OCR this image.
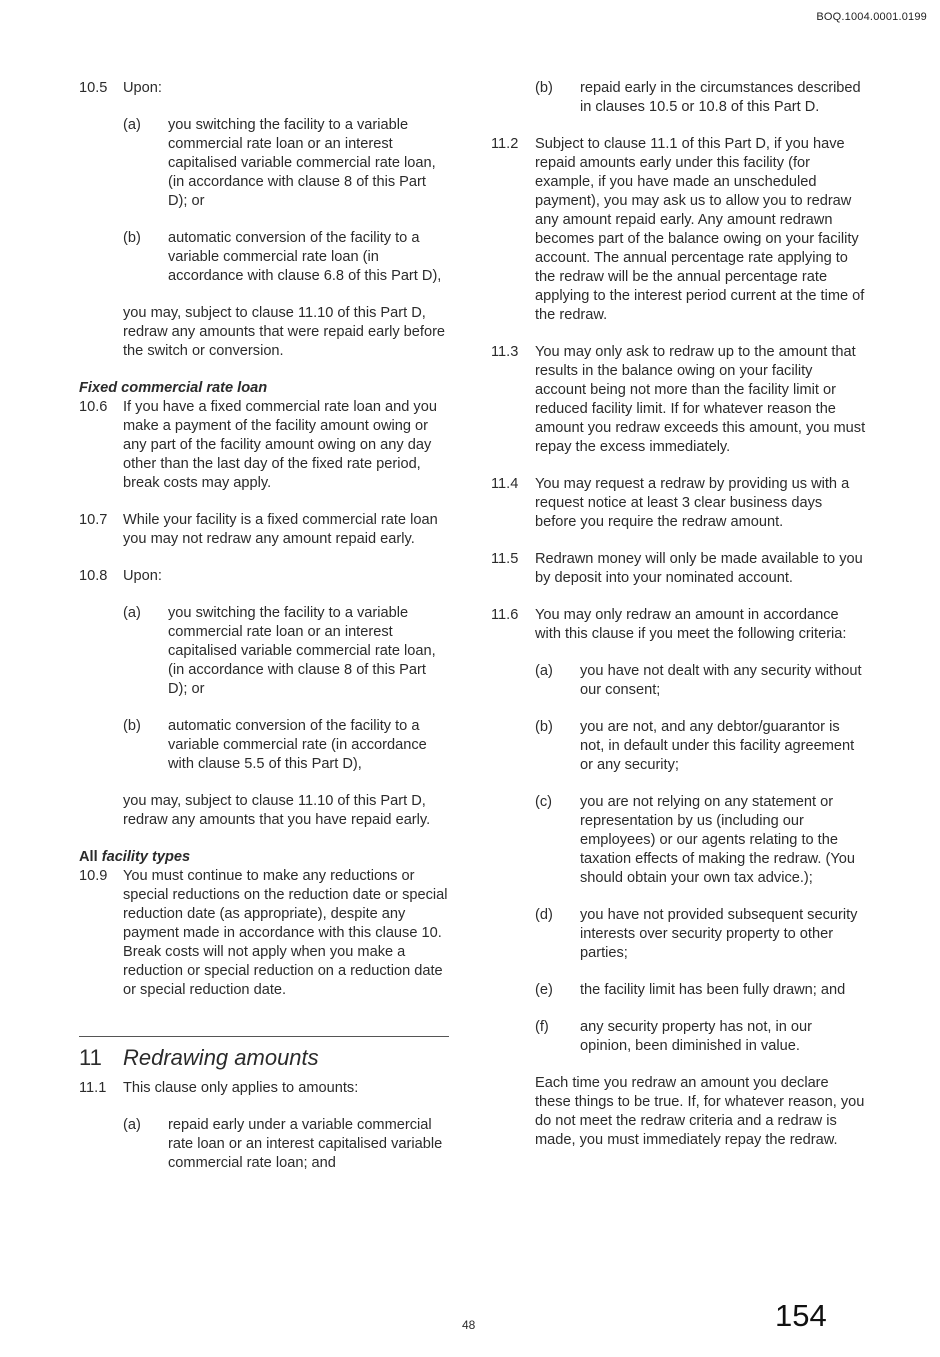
BOQ.1004.0001.0199
10.5 Upon:
(a) you switching the facility to a variable commercial rate loan or an interest capitalised variable commercial rate loan, (in accordance with clause 8 of this Part D); or
(b) automatic conversion of the facility to a variable commercial rate loan (in accordance with clause 6.8 of this Part D),
you may, subject to clause 11.10 of this Part D, redraw any amounts that were repaid early before the switch or conversion.
Fixed commercial rate loan
10.6 If you have a fixed commercial rate loan and you make a payment of the facility amount owing or any part of the facility amount owing on any day other than the last day of the fixed rate period, break costs may apply.
10.7 While your facility is a fixed commercial rate loan you may not redraw any amount repaid early.
10.8 Upon:
(a) you switching the facility to a variable commercial rate loan or an interest capitalised variable commercial rate loan, (in accordance with clause 8 of this Part D); or
(b) automatic conversion of the facility to a variable commercial rate (in accordance with clause 5.5 of this Part D),
you may, subject to clause 11.10 of this Part D, redraw any amounts that you have repaid early.
All facility types
10.9 You must continue to make any reductions or special reductions on the reduction date or special reduction date (as appropriate), despite any payment made in accordance with this clause 10. Break costs will not apply when you make a reduction or special reduction on a reduction date or special reduction date.
11 Redrawing amounts
11.1 This clause only applies to amounts:
(a) repaid early under a variable commercial rate loan or an interest capitalised variable commercial rate loan; and
(b) repaid early in the circumstances described in clauses 10.5 or 10.8 of this Part D.
11.2 Subject to clause 11.1 of this Part D, if you have repaid amounts early under this facility (for example, if you have made an unscheduled payment), you may ask us to allow you to redraw any amount repaid early. Any amount redrawn becomes part of the balance owing on your facility account. The annual percentage rate applying to the redraw will be the annual percentage rate applying to the interest period current at the time of the redraw.
11.3 You may only ask to redraw up to the amount that results in the balance owing on your facility account being not more than the facility limit or reduced facility limit. If for whatever reason the amount you redraw exceeds this amount, you must repay the excess immediately.
11.4 You may request a redraw by providing us with a request notice at least 3 clear business days before you require the redraw amount.
11.5 Redrawn money will only be made available to you by deposit into your nominated account.
11.6 You may only redraw an amount in accordance with this clause if you meet the following criteria:
(a) you have not dealt with any security without our consent;
(b) you are not, and any debtor/guarantor is not, in default under this facility agreement or any security;
(c) you are not relying on any statement or representation by us (including our employees) or our agents relating to the taxation effects of making the redraw. (You should obtain your own tax advice.);
(d) you have not provided subsequent security interests over security property to other parties;
(e) the facility limit has been fully drawn; and
(f) any security property has not, in our opinion, been diminished in value.
Each time you redraw an amount you declare these things to be true. If, for whatever reason, you do not meet the redraw criteria and a redraw is made, you must immediately repay the redraw.
48	154
